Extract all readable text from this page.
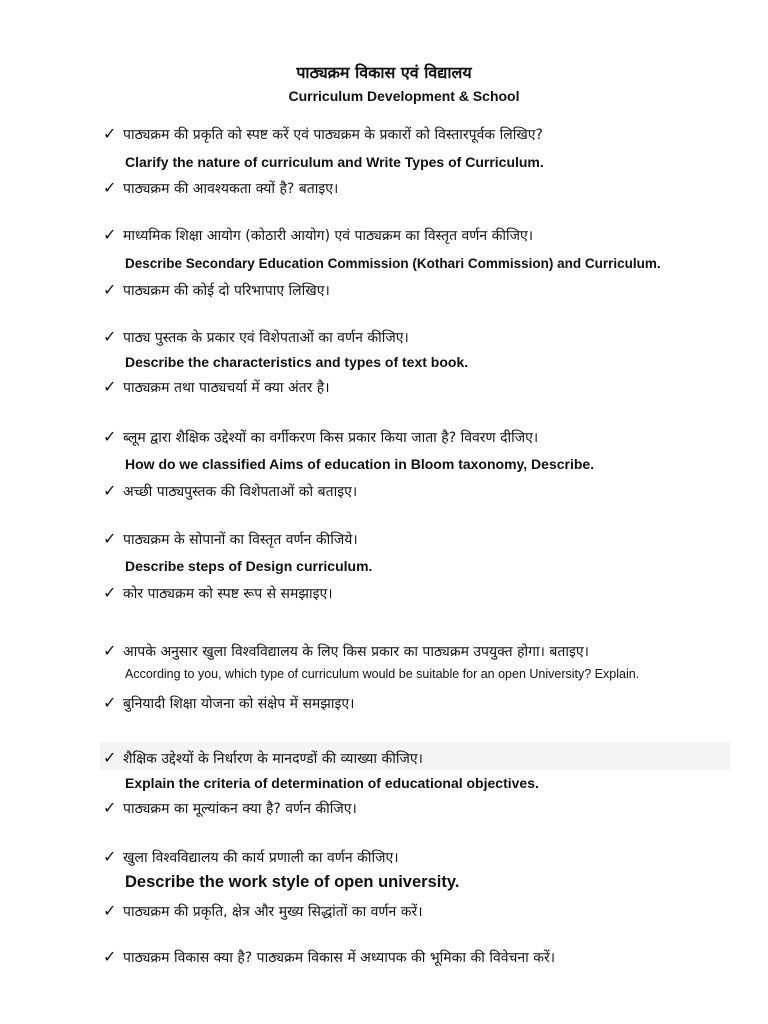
पाठ्यक्रम विकास एवं विद्यालय
Curriculum Development & School
✓ पाठ्यक्रम की प्रकृति को स्पष्ट करें एवं पाठ्यक्रम के प्रकारों को विस्तारपूर्वक लिखिए?
Clarify the nature of curriculum and Write Types of Curriculum.
✓ पाठ्यक्रम की आवश्यकता क्यों है? बताइए।
✓ माध्यमिक शिक्षा आयोग (कोठारी आयोग) एवं पाठ्यक्रम का विस्तृत वर्णन कीजिए।
Describe Secondary Education Commission (Kothari Commission) and Curriculum.
✓ पाठ्यक्रम की कोई दो परिभापाए लिखिए।
✓ पाठ्य पुस्तक के प्रकार एवं विशेपताओं का वर्णन कीजिए।
Describe the characteristics and types of text book.
✓ पाठ्यक्रम तथा पाठ्यचर्या में क्या अंतर है।
✓ ब्लूम द्वारा शैक्षिक उद्देश्यों का वर्गीकरण किस प्रकार किया जाता है? विवरण दीजिए।
How do we classified Aims of education in Bloom taxonomy, Describe.
✓ अच्छी पाठ्यपुस्तक की विशेपताओं को बताइए।
✓ पाठ्यक्रम के सोपानों का विस्तृत वर्णन कीजिये।
Describe steps of Design curriculum.
✓ कोर पाठ्यक्रम को स्पष्ट रूप से समझाइए।
✓ आपके अनुसार खुला विश्वविद्यालय के लिए किस प्रकार का पाठ्यक्रम उपयुक्त होगा। बताइए।
According to you, which type of curriculum would be suitable for an open University? Explain.
✓ बुनियादी शिक्षा योजना को संक्षेप में समझाइए।
✓ शैक्षिक उद्देश्यों के निर्धारण के मानदण्डों की व्याख्या कीजिए।
Explain the criteria of determination of educational objectives.
✓ पाठ्यक्रम का मूल्यांकन क्या है? वर्णन कीजिए।
✓ खुला विश्वविद्यालय की कार्य प्रणाली का वर्णन कीजिए।
Describe the work style of open university.
✓ पाठ्यक्रम की प्रकृति, क्षेत्र और मुख्य सिद्धांतों का वर्णन करें।
✓ पाठ्यक्रम विकास क्या है? पाठ्यक्रम विकास में अध्यापक की भूमिका की विवेचना करें।
